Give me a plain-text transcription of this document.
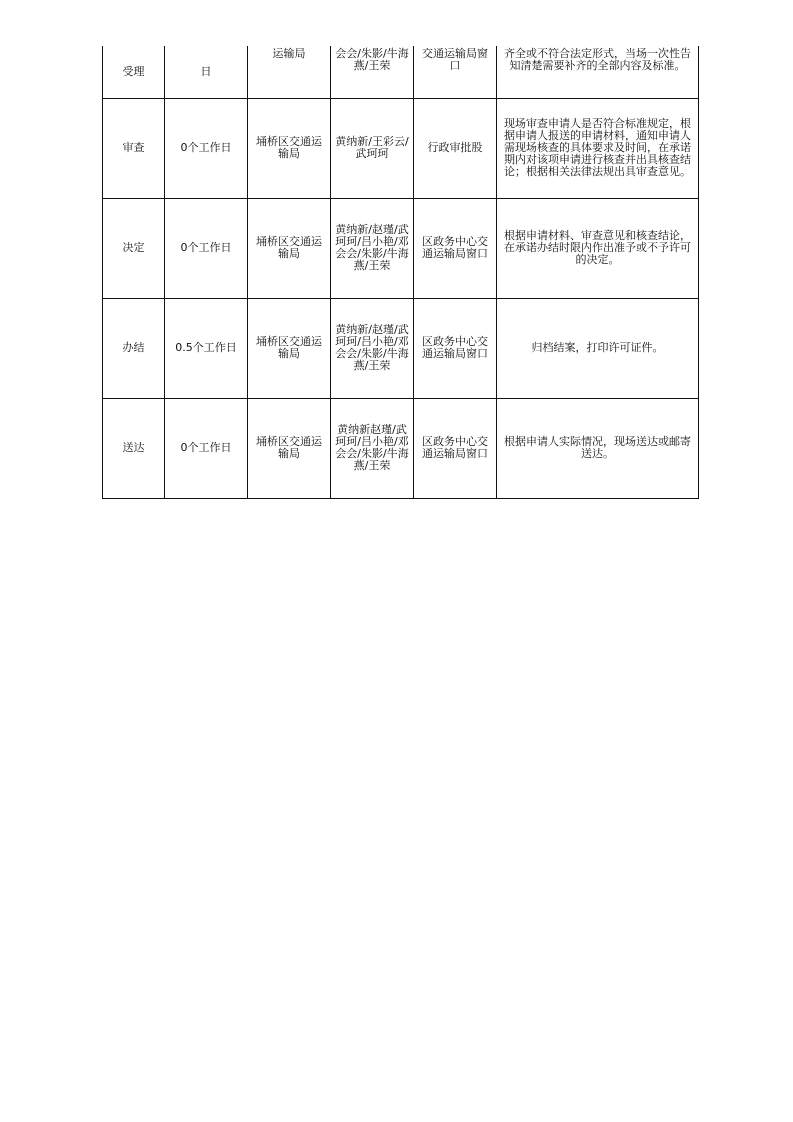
受理	日	运输局	会会/朱影/牛海燕/王荣	交通运输局窗口	齐全或不符合法定形式，当场一次性告知清楚需要补齐的全部内容及标准。
审查	0个工作日	埇桥区交通运输局	黄纳新/王彩云/武珂珂	行政审批股	现场审查申请人是否符合标准规定，根据申请人报送的申请材料，通知申请人需现场核查的具体要求及时间，在承诺期内对该项申请进行核查并出具核查结论；根据相关法律法规出具审查意见。
决定	0个工作日	埇桥区交通运输局	黄纳新/赵瑾/武珂珂/吕小艳/邓会会/朱影/牛海燕/王荣	区政务中心交通运输局窗口	根据申请材料、审查意见和核查结论，在承诺办结时限内作出准予或不予许可的决定。
办结	0.5个工作日	埇桥区交通运输局	黄纳新/赵瑾/武珂珂/吕小艳/邓会会/朱影/牛海燕/王荣	区政务中心交通运输局窗口	归档结案，打印许可证件。
送达	0个工作日	埇桥区交通运输局	黄纳新赵瑾/武珂珂/吕小艳/邓会会/朱影/牛海燕/王荣	区政务中心交通运输局窗口	根据申请人实际情况，现场送达或邮寄送达。
